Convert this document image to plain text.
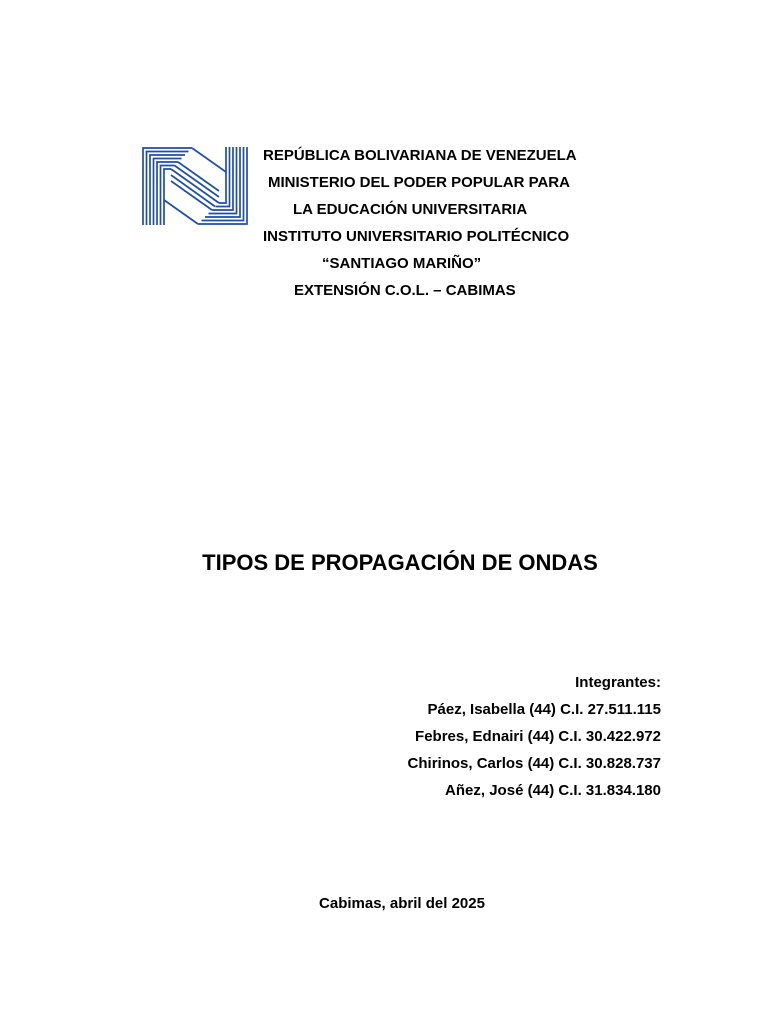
REPÚBLICA BOLIVARIANA DE VENEZUELA
MINISTERIO DEL PODER POPULAR PARA
LA EDUCACIÓN UNIVERSITARIA
INSTITUTO UNIVERSITARIO POLITÉCNICO
“SANTIAGO MARIÑO”
EXTENSIÓN C.O.L. – CABIMAS
TIPOS DE PROPAGACIÓN DE ONDAS
Integrantes:
Páez, Isabella (44) C.I. 27.511.115
Febres, Ednairi (44) C.I. 30.422.972
Chirinos, Carlos (44) C.I. 30.828.737
Añez, José (44) C.I. 31.834.180
Cabimas, abril del 2025
